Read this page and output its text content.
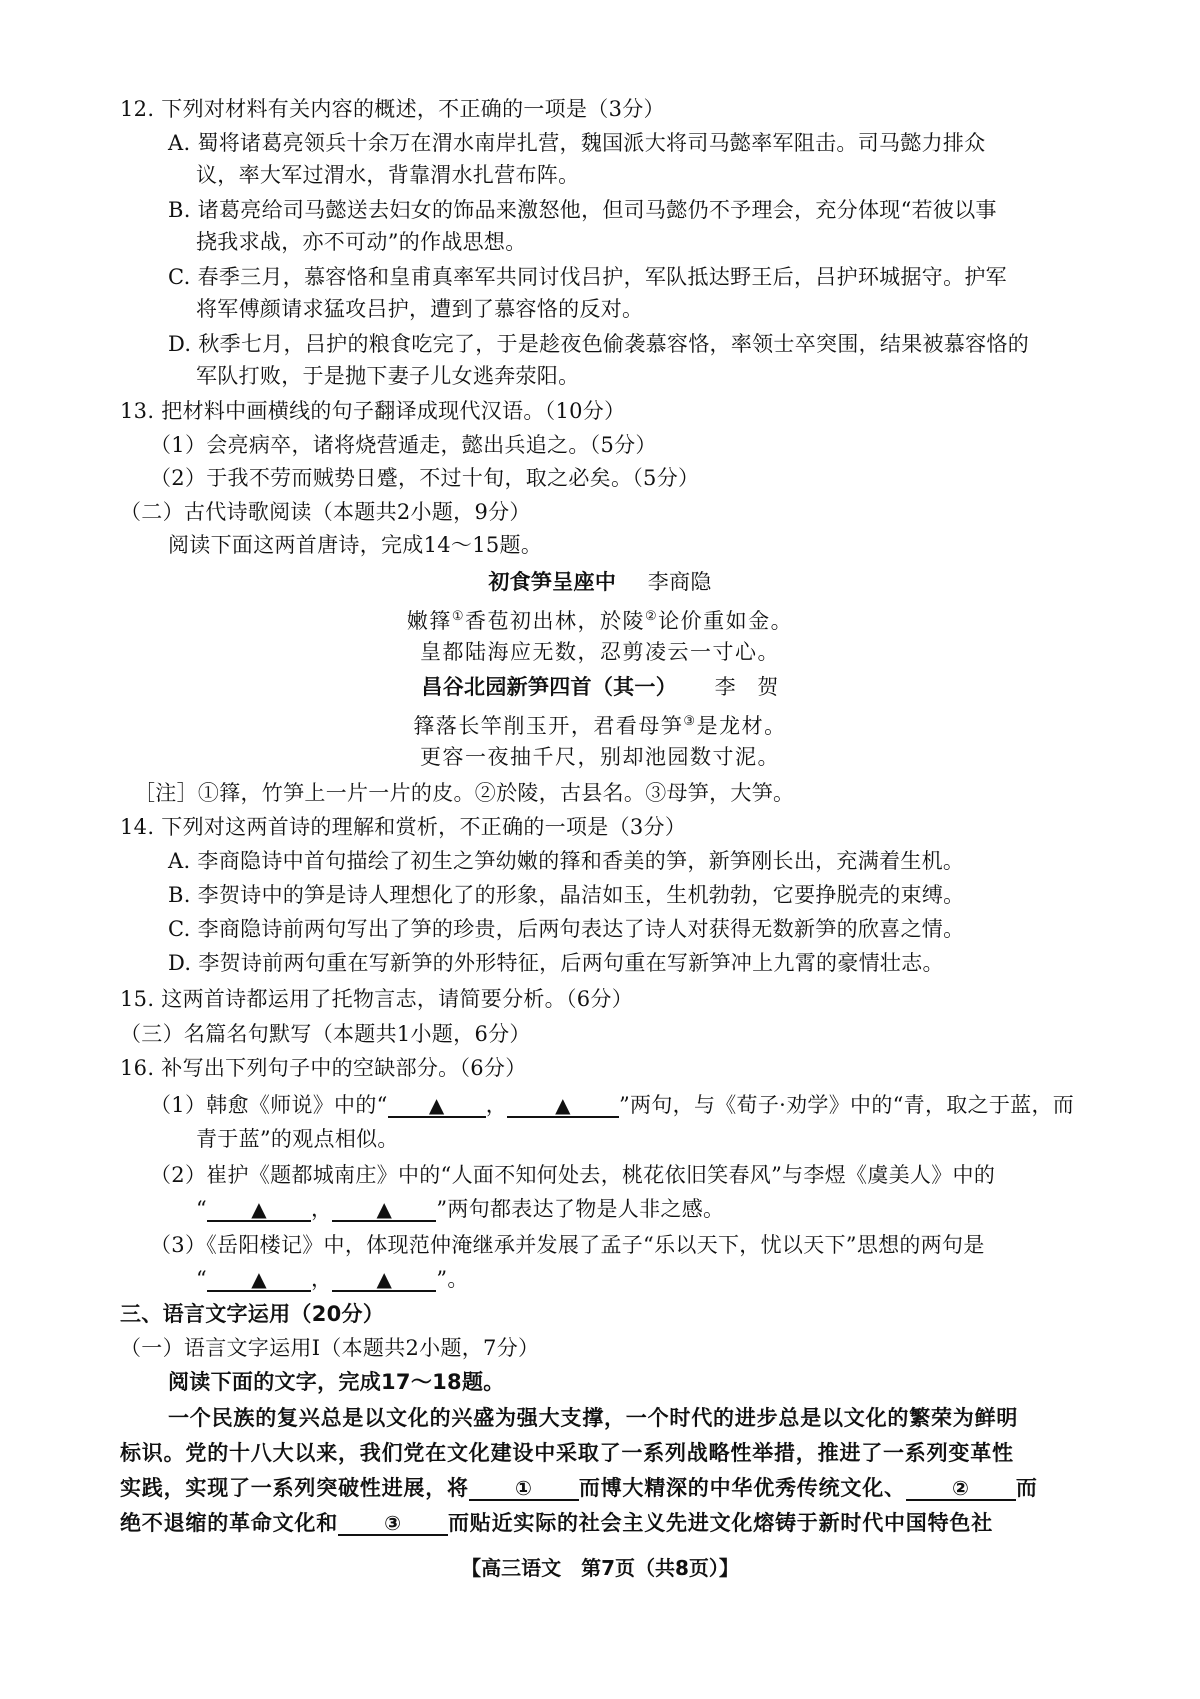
12. 下列对材料有关内容的概述，不正确的一项是（3分）
A. 蜀将诸葛亮领兵十余万在渭水南岸扎营，魏国派大将司马懿率军阻击。司马懿力排众
议，率大军过渭水，背靠渭水扎营布阵。
B. 诸葛亮给司马懿送去妇女的饰品来激怒他，但司马懿仍不予理会，充分体现“若彼以事
挠我求战，亦不可动”的作战思想。
C. 春季三月，慕容恪和皇甫真率军共同讨伐吕护，军队抵达野王后，吕护环城据守。护军
将军傅颜请求猛攻吕护，遭到了慕容恪的反对。
D. 秋季七月，吕护的粮食吃完了，于是趁夜色偷袭慕容恪，率领士卒突围，结果被慕容恪的
军队打败，于是抛下妻子儿女逃奔荥阳。
13. 把材料中画横线的句子翻译成现代汉语。（10分）
（1）会亮病卒，诸将烧营遁走，懿出兵追之。（5分）
（2）于我不劳而贼势日蹙，不过十旬，取之必矣。（5分）
（二）古代诗歌阅读（本题共2小题，9分）
阅读下面这两首唐诗，完成14～15题。
初食笋呈座中 李商隐
嫩箨①香苞初出林，於陵②论价重如金。
皇都陆海应无数，忍剪凌云一寸心。
昌谷北园新笋四首（其一） 李　贺
箨落长竿削玉开，君看母笋③是龙材。
更容一夜抽千尺，别却池园数寸泥。
［注］①箨，竹笋上一片一片的皮。②於陵，古县名。③母笋，大笋。
14. 下列对这两首诗的理解和赏析，不正确的一项是（3分）
A. 李商隐诗中首句描绘了初生之笋幼嫩的箨和香美的笋，新笋刚长出，充满着生机。
B. 李贺诗中的笋是诗人理想化了的形象，晶洁如玉，生机勃勃，它要挣脱壳的束缚。
C. 李商隐诗前两句写出了笋的珍贵，后两句表达了诗人对获得无数新笋的欣喜之情。
D. 李贺诗前两句重在写新笋的外形特征，后两句重在写新笋冲上九霄的豪情壮志。
15. 这两首诗都运用了托物言志，请简要分析。（6分）
（三）名篇名句默写（本题共1小题，6分）
16. 补写出下列句子中的空缺部分。（6分）
（1）韩愈《师说》中的“ ▲ ， ▲ ”两句，与《荀子·劝学》中的“青，取之于蓝，而
青于蓝”的观点相似。
（2）崔护《题都城南庄》中的“人面不知何处去，桃花依旧笑春风”与李煜《虞美人》中的
“ ▲ ， ▲ ”两句都表达了物是人非之感。
（3）《岳阳楼记》中，体现范仲淹继承并发展了孟子“乐以天下，忧以天下”思想的两句是
“ ▲ ， ▲ ”。
三、语言文字运用（20分）
（一）语言文字运用Ⅰ（本题共2小题，7分）
阅读下面的文字，完成17～18题。
一个民族的复兴总是以文化的兴盛为强大支撑，一个时代的进步总是以文化的繁荣为鲜明
标识。党的十八大以来，我们党在文化建设中采取了一系列战略性举措，推进了一系列变革性
实践，实现了一系列突破性进展，将 ① 而博大精深的中华优秀传统文化、 ② 而
绝不退缩的革命文化和 ③ 而贴近实际的社会主义先进文化熔铸于新时代中国特色社
【高三语文　第7页（共8页）】
